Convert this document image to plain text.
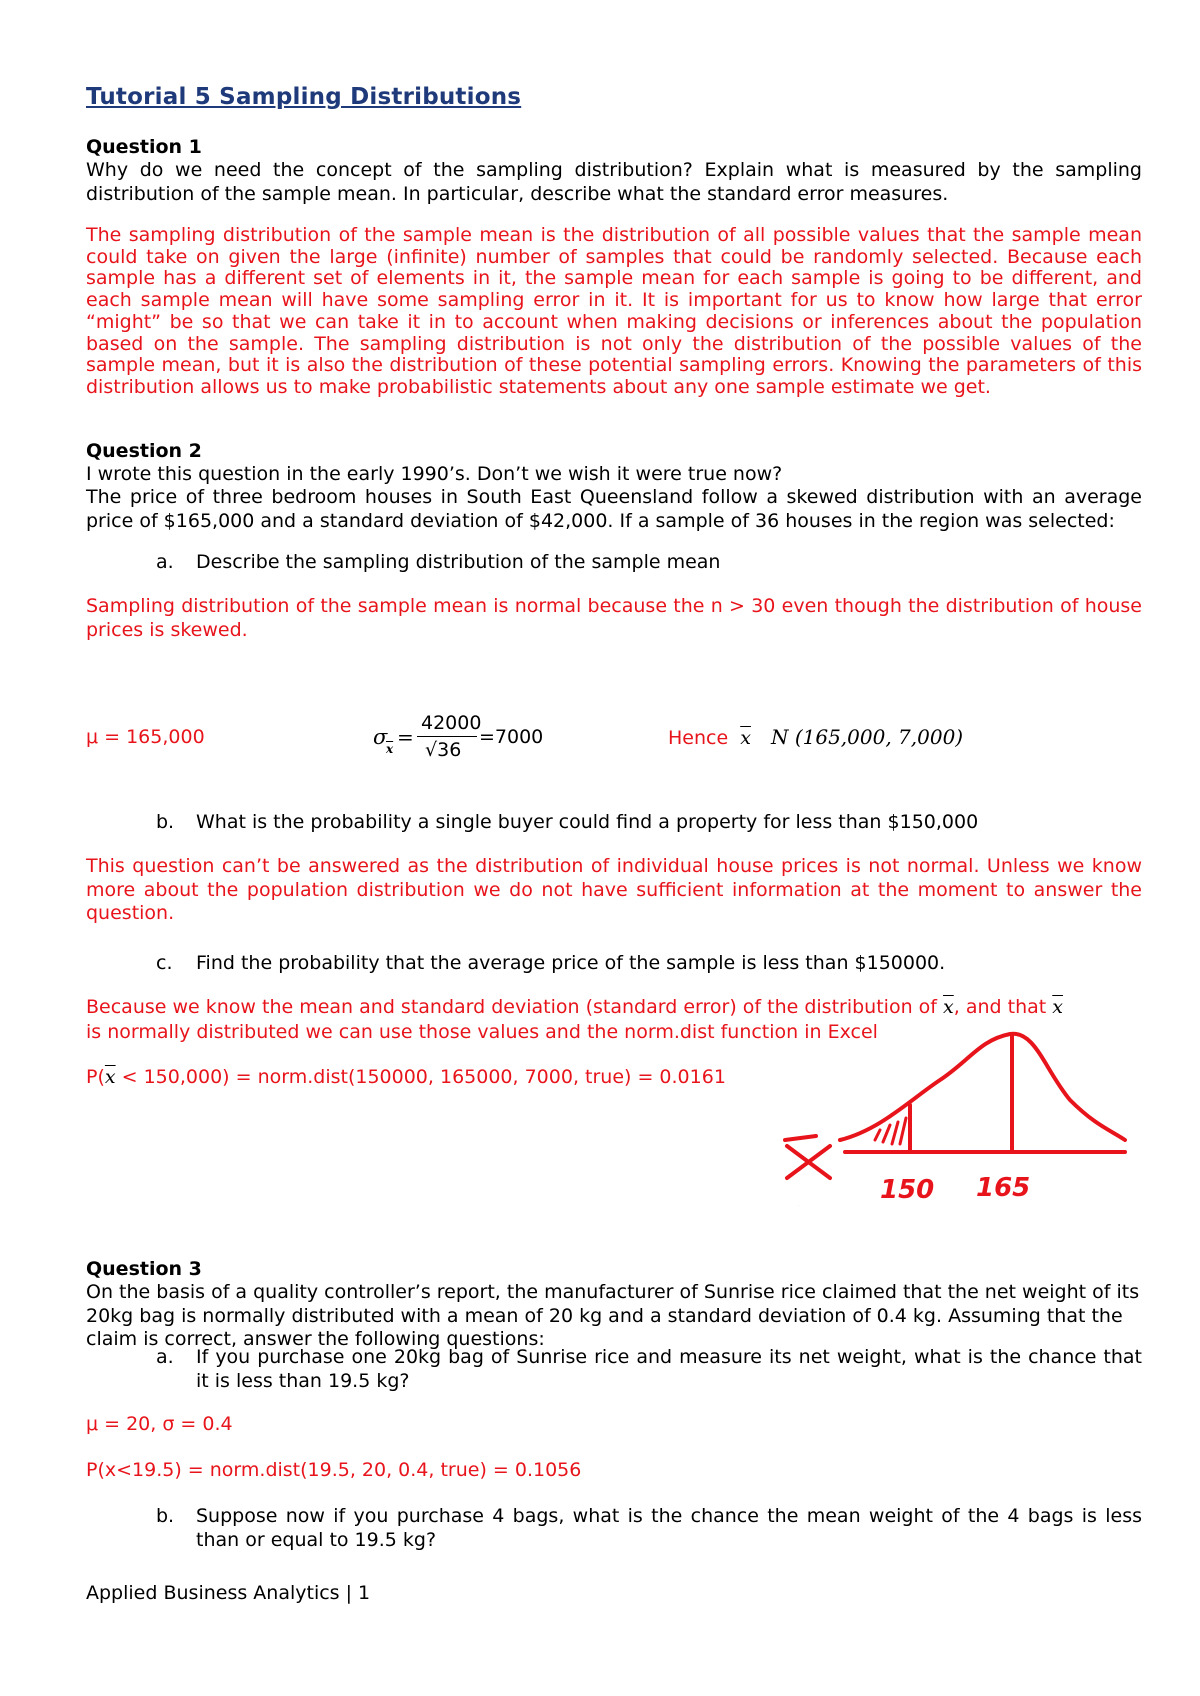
Tutorial 5 Sampling Distributions
Question 1
Why do we need the concept of the sampling distribution? Explain what is measured by the sampling distribution of the sample mean. In particular, describe what the standard error measures.
The sampling distribution of the sample mean is the distribution of all possible values that the sample mean could take on given the large (infinite) number of samples that could be randomly selected. Because each sample has a different set of elements in it, the sample mean for each sample is going to be different, and each sample mean will have some sampling error in it. It is important for us to know how large that error “might” be so that we can take it in to account when making decisions or inferences about the population based on the sample. The sampling distribution is not only the distribution of the possible values of the sample mean, but it is also the distribution of these potential sampling errors. Knowing the parameters of this distribution allows us to make probabilistic statements about any one sample estimate we get.
Question 2
I wrote this question in the early 1990’s. Don’t we wish it were true now?
The price of three bedroom houses in South East Queensland follow a skewed distribution with an average price of $165,000 and a standard deviation of $42,000. If a sample of 36 houses in the region was selected:
a. Describe the sampling distribution of the sample mean
Sampling distribution of the sample mean is normal because the n > 30 even though the distribution of house prices is skewed.
μ = 165,000	σ
$\overline{x}$ =
42000
√36
=7000	Hence $\overline{x}$ N (165,000, 7,000)
b. What is the probability a single buyer could find a property for less than $150,000
This question can’t be answered as the distribution of individual house prices is not normal. Unless we know more about the population distribution we do not have sufficient information at the moment to answer the question.
c. Find the probability that the average price of the sample is less than $150000.
Because we know the mean and standard deviation (standard error) of the distribution of $\overline{x}$, and that $\overline{x}$
is normally distributed we can use those values and the norm.dist function in Excel
$P(\overline{x} < 150,000)$ = norm.dist(150000, 165000, 7000, true) = 0.0161
X
150 165
Question 3
On the basis of a quality controller’s report, the manufacturer of Sunrise rice claimed that the net weight of its 20kg bag is normally distributed with a mean of 20 kg and a standard deviation of 0.4 kg. Assuming that the claim is correct, answer the following questions:
a. If you purchase one 20kg bag of Sunrise rice and measure its net weight, what is the chance that it is less than 19.5 kg?
μ = 20, σ = 0.4
P(x<19.5) = norm.dist(19.5, 20, 0.4, true) = 0.1056
b. Suppose now if you purchase 4 bags, what is the chance the mean weight of the 4 bags is less than or equal to 19.5 kg?
Applied Business Analytics | 1
